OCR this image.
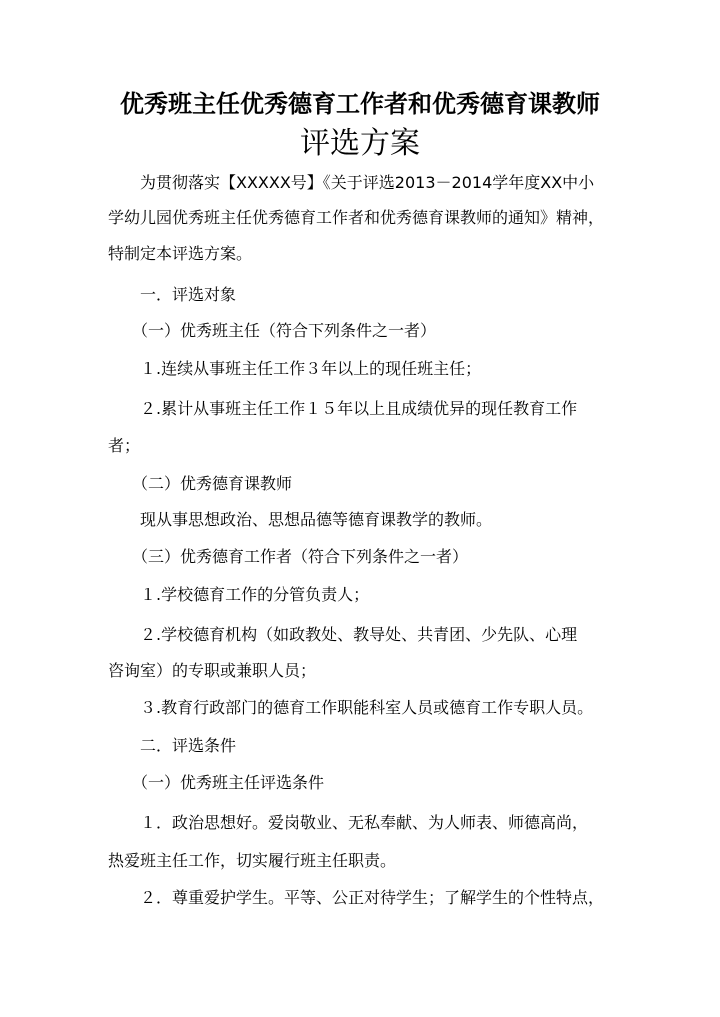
优秀班主任优秀德育工作者和优秀德育课教师
评选方案
　　为贯彻落实【XXXXX号】《关于评选2013－2014学年度XX中小
学幼儿园优秀班主任优秀德育工作者和优秀德育课教师的通知》精神，
特制定本评选方案。
　　一．评选对象
　　（一）优秀班主任（符合下列条件之一者）
　　１.连续从事班主任工作３年以上的现任班主任；
　　２.累计从事班主任工作１５年以上且成绩优异的现任教育工作
者；
　　（二）优秀德育课教师
　　现从事思想政治、思想品德等德育课教学的教师。
　　（三）优秀德育工作者（符合下列条件之一者）
　　１.学校德育工作的分管负责人；
　　２.学校德育机构（如政教处、教导处、共青团、少先队、心理
咨询室）的专职或兼职人员；
　　３.教育行政部门的德育工作职能科室人员或德育工作专职人员。
　　二．评选条件
　　（一）优秀班主任评选条件
　　１．政治思想好。爱岗敬业、无私奉献、为人师表、师德高尚，
热爱班主任工作，切实履行班主任职责。
　　２．尊重爱护学生。平等、公正对待学生；了解学生的个性特点，
